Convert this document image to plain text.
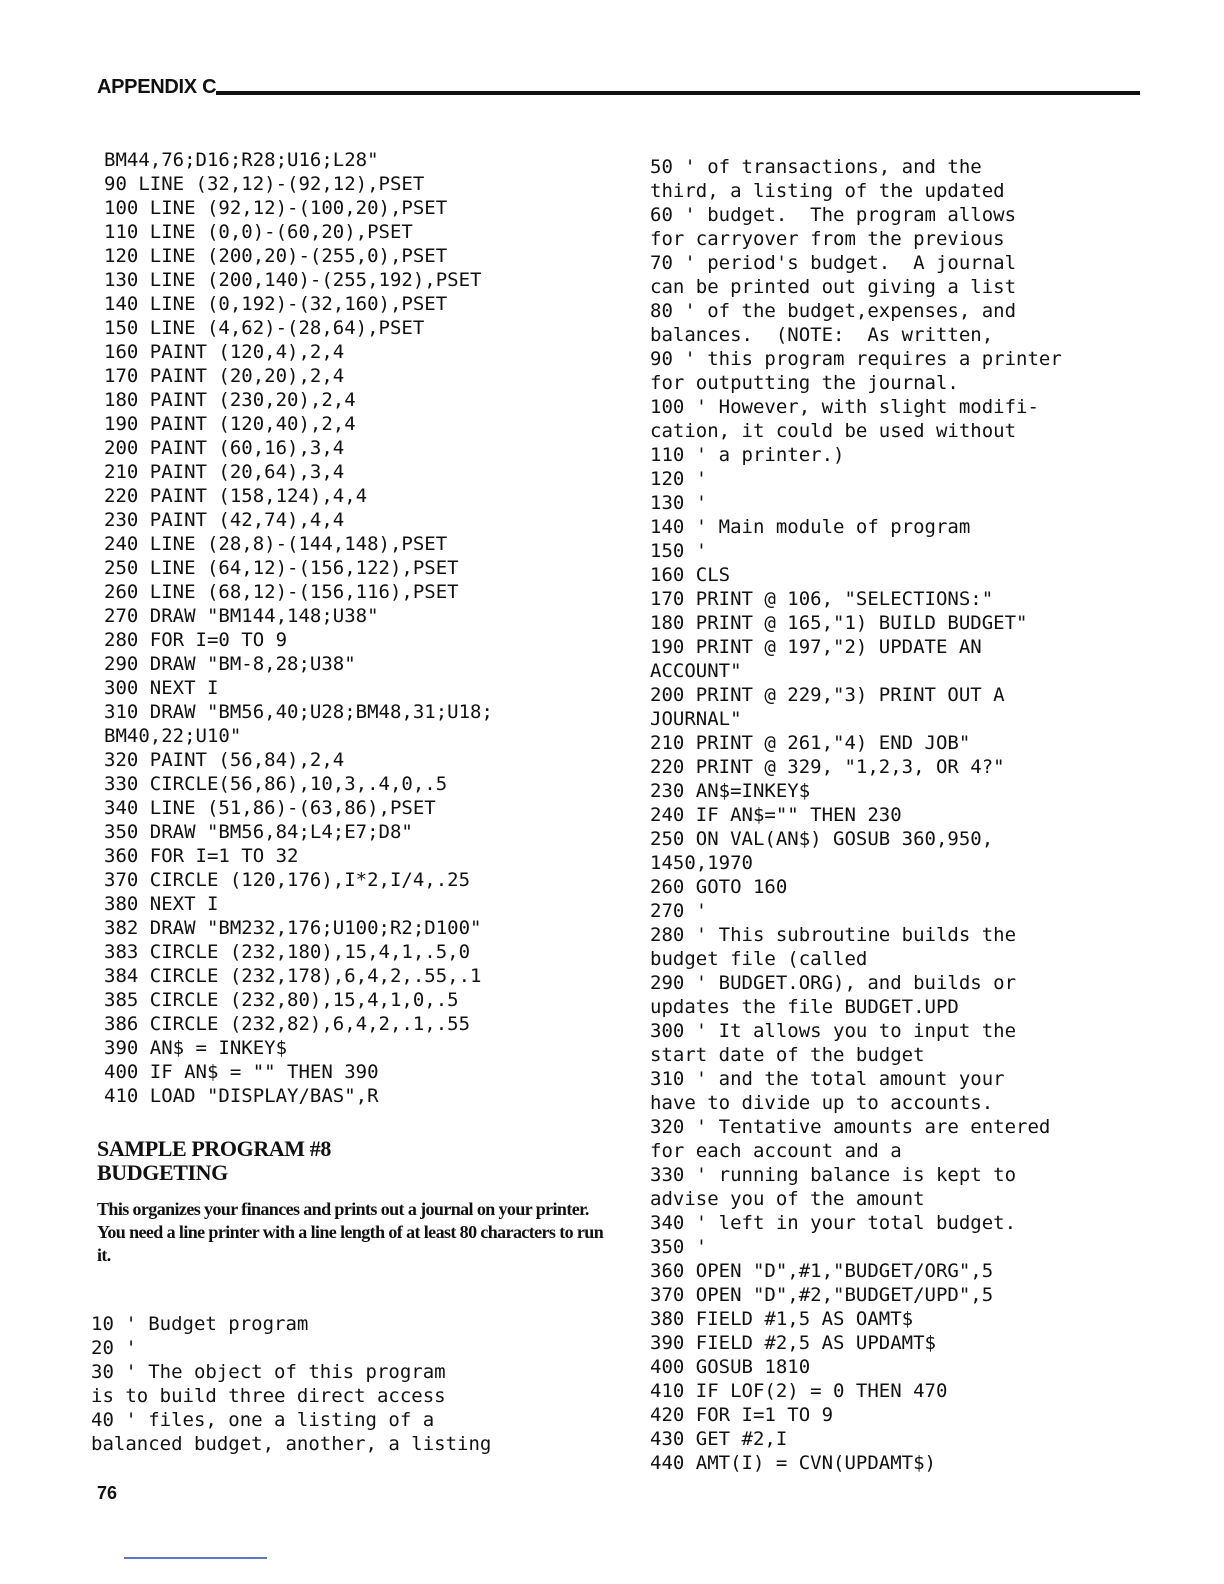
APPENDIX C
BM44,76;D16;R28;U16;L28"
90 LINE (32,12)-(92,12),PSET
100 LINE (92,12)-(100,20),PSET
110 LINE (0,0)-(60,20),PSET
120 LINE (200,20)-(255,0),PSET
130 LINE (200,140)-(255,192),PSET
140 LINE (0,192)-(32,160),PSET
150 LINE (4,62)-(28,64),PSET
160 PAINT (120,4),2,4
170 PAINT (20,20),2,4
180 PAINT (230,20),2,4
190 PAINT (120,40),2,4
200 PAINT (60,16),3,4
210 PAINT (20,64),3,4
220 PAINT (158,124),4,4
230 PAINT (42,74),4,4
240 LINE (28,8)-(144,148),PSET
250 LINE (64,12)-(156,122),PSET
260 LINE (68,12)-(156,116),PSET
270 DRAW "BM144,148;U38"
280 FOR I=0 TO 9
290 DRAW "BM-8,28;U38"
300 NEXT I
310 DRAW "BM56,40;U28;BM48,31;U18;
BM40,22;U10"
320 PAINT (56,84),2,4
330 CIRCLE(56,86),10,3,.4,0,.5
340 LINE (51,86)-(63,86),PSET
350 DRAW "BM56,84;L4;E7;D8"
360 FOR I=1 TO 32
370 CIRCLE (120,176),I*2,I/4,.25
380 NEXT I
382 DRAW "BM232,176;U100;R2;D100"
383 CIRCLE (232,180),15,4,1,.5,0
384 CIRCLE (232,178),6,4,2,.55,.1
385 CIRCLE (232,80),15,4,1,0,.5
386 CIRCLE (232,82),6,4,2,.1,.55
390 AN$ = INKEY$
400 IF AN$ = "" THEN 390
410 LOAD "DISPLAY/BAS",R
SAMPLE PROGRAM #8
BUDGETING

This organizes your finances and prints out a journal on your printer. You need a line printer with a line length of at least 80 characters to run it.

10 ' Budget program
20 '
30 ' The object of this program
is to build three direct access
40 ' files, one a listing of a
balanced budget, another, a listing
50 ' of transactions, and the
third, a listing of the updated
60 ' budget.  The program allows
for carryover from the previous
70 ' period's budget.  A journal
can be printed out giving a list
80 ' of the budget,expenses, and
balances.  (NOTE:  As written,
90 ' this program requires a printer
for outputting the journal.
100 ' However, with slight modifi-
cation, it could be used without
110 ' a printer.)
120 '
130 '
140 ' Main module of program
150 '
160 CLS
170 PRINT @ 106, "SELECTIONS:"
180 PRINT @ 165,"1) BUILD BUDGET"
190 PRINT @ 197,"2) UPDATE AN
ACCOUNT"
200 PRINT @ 229,"3) PRINT OUT A
JOURNAL"
210 PRINT @ 261,"4) END JOB"
220 PRINT @ 329, "1,2,3, OR 4?"
230 AN$=INKEY$
240 IF AN$="" THEN 230
250 ON VAL(AN$) GOSUB 360,950,
1450,1970
260 GOTO 160
270 '
280 ' This subroutine builds the
budget file (called
290 ' BUDGET.ORG), and builds or
updates the file BUDGET.UPD
300 ' It allows you to input the
start date of the budget
310 ' and the total amount your
have to divide up to accounts.
320 ' Tentative amounts are entered
for each account and a
330 ' running balance is kept to
advise you of the amount
340 ' left in your total budget.
350 '
360 OPEN "D",#1,"BUDGET/ORG",5
370 OPEN "D",#2,"BUDGET/UPD",5
380 FIELD #1,5 AS OAMT$
390 FIELD #2,5 AS UPDAMT$
400 GOSUB 1810
410 IF LOF(2) = 0 THEN 470
420 FOR I=1 TO 9
430 GET #2,I
440 AMT(I) = CVN(UPDAMT$)
76
